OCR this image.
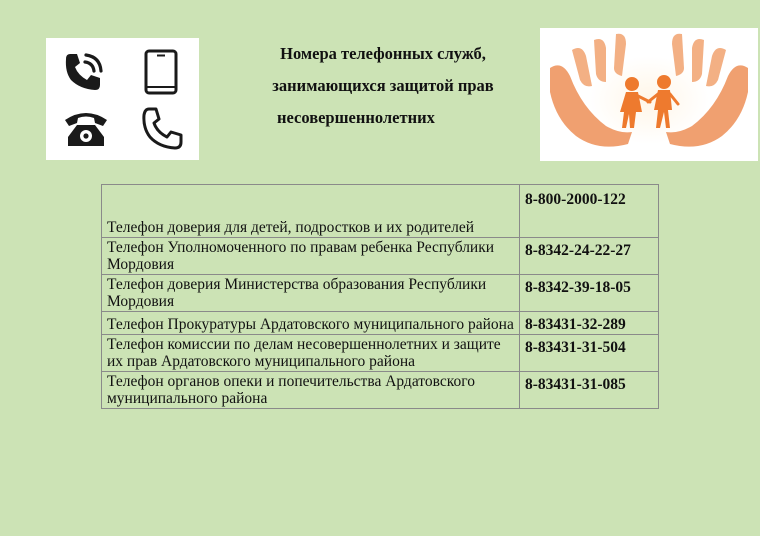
Номера телефонных служб,
занимающихся защитой прав
несовершеннолетних
Телефон доверия для детей, подростков и их родителей	8-800-2000-122
Телефон Уполномоченного по правам ребенка Республики Мордовия	8-8342-24-22-27
Телефон доверия Министерства образования Республики Мордовия	8-8342-39-18-05
Телефон Прокуратуры Ардатовского муниципального района	8-83431-32-289
Телефон комиссии по делам несовершеннолетних и защите их прав Ардатовского муниципального района	8-83431-31-504
Телефон органов опеки и попечительства Ардатовского муниципального района	8-83431-31-085
